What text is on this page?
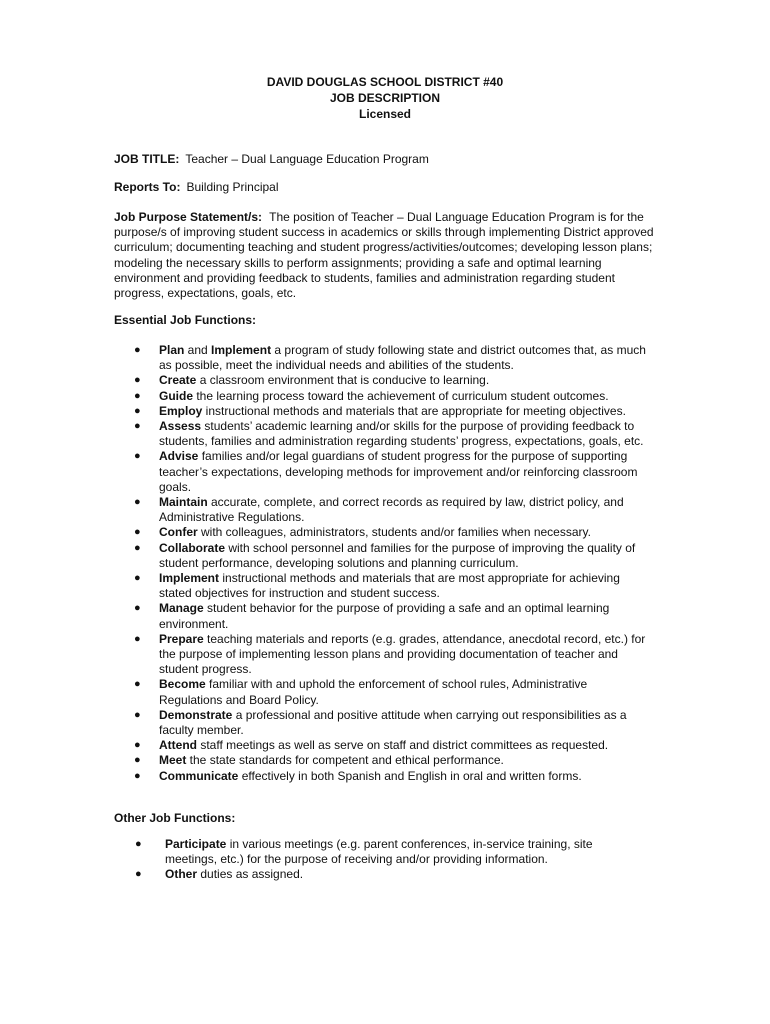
DAVID DOUGLAS SCHOOL DISTRICT #40
JOB DESCRIPTION
Licensed
JOB TITLE: Teacher – Dual Language Education Program
Reports To: Building Principal
Job Purpose Statement/s: The position of Teacher – Dual Language Education Program is for the purpose/s of improving student success in academics or skills through implementing District approved curriculum; documenting teaching and student progress/activities/outcomes; developing lesson plans; modeling the necessary skills to perform assignments; providing a safe and optimal learning environment and providing feedback to students, families and administration regarding student progress, expectations, goals, etc.
Essential Job Functions:
● Plan and Implement a program of study following state and district outcomes that, as much as possible, meet the individual needs and abilities of the students.
● Create a classroom environment that is conducive to learning.
● Guide the learning process toward the achievement of curriculum student outcomes.
● Employ instructional methods and materials that are appropriate for meeting objectives.
● Assess students’ academic learning and/or skills for the purpose of providing feedback to students, families and administration regarding students’ progress, expectations, goals, etc.
● Advise families and/or legal guardians of student progress for the purpose of supporting teacher’s expectations, developing methods for improvement and/or reinforcing classroom goals.
● Maintain accurate, complete, and correct records as required by law, district policy, and Administrative Regulations.
● Confer with colleagues, administrators, students and/or families when necessary.
● Collaborate with school personnel and families for the purpose of improving the quality of student performance, developing solutions and planning curriculum.
● Implement instructional methods and materials that are most appropriate for achieving stated objectives for instruction and student success.
● Manage student behavior for the purpose of providing a safe and an optimal learning environment.
● Prepare teaching materials and reports (e.g. grades, attendance, anecdotal record, etc.) for the purpose of implementing lesson plans and providing documentation of teacher and student progress.
● Become familiar with and uphold the enforcement of school rules, Administrative Regulations and Board Policy.
● Demonstrate a professional and positive attitude when carrying out responsibilities as a faculty member.
● Attend staff meetings as well as serve on staff and district committees as requested.
● Meet the state standards for competent and ethical performance.
● Communicate effectively in both Spanish and English in oral and written forms.
Other Job Functions:
● Participate in various meetings (e.g. parent conferences, in-service training, site meetings, etc.) for the purpose of receiving and/or providing information.
● Other duties as assigned.
